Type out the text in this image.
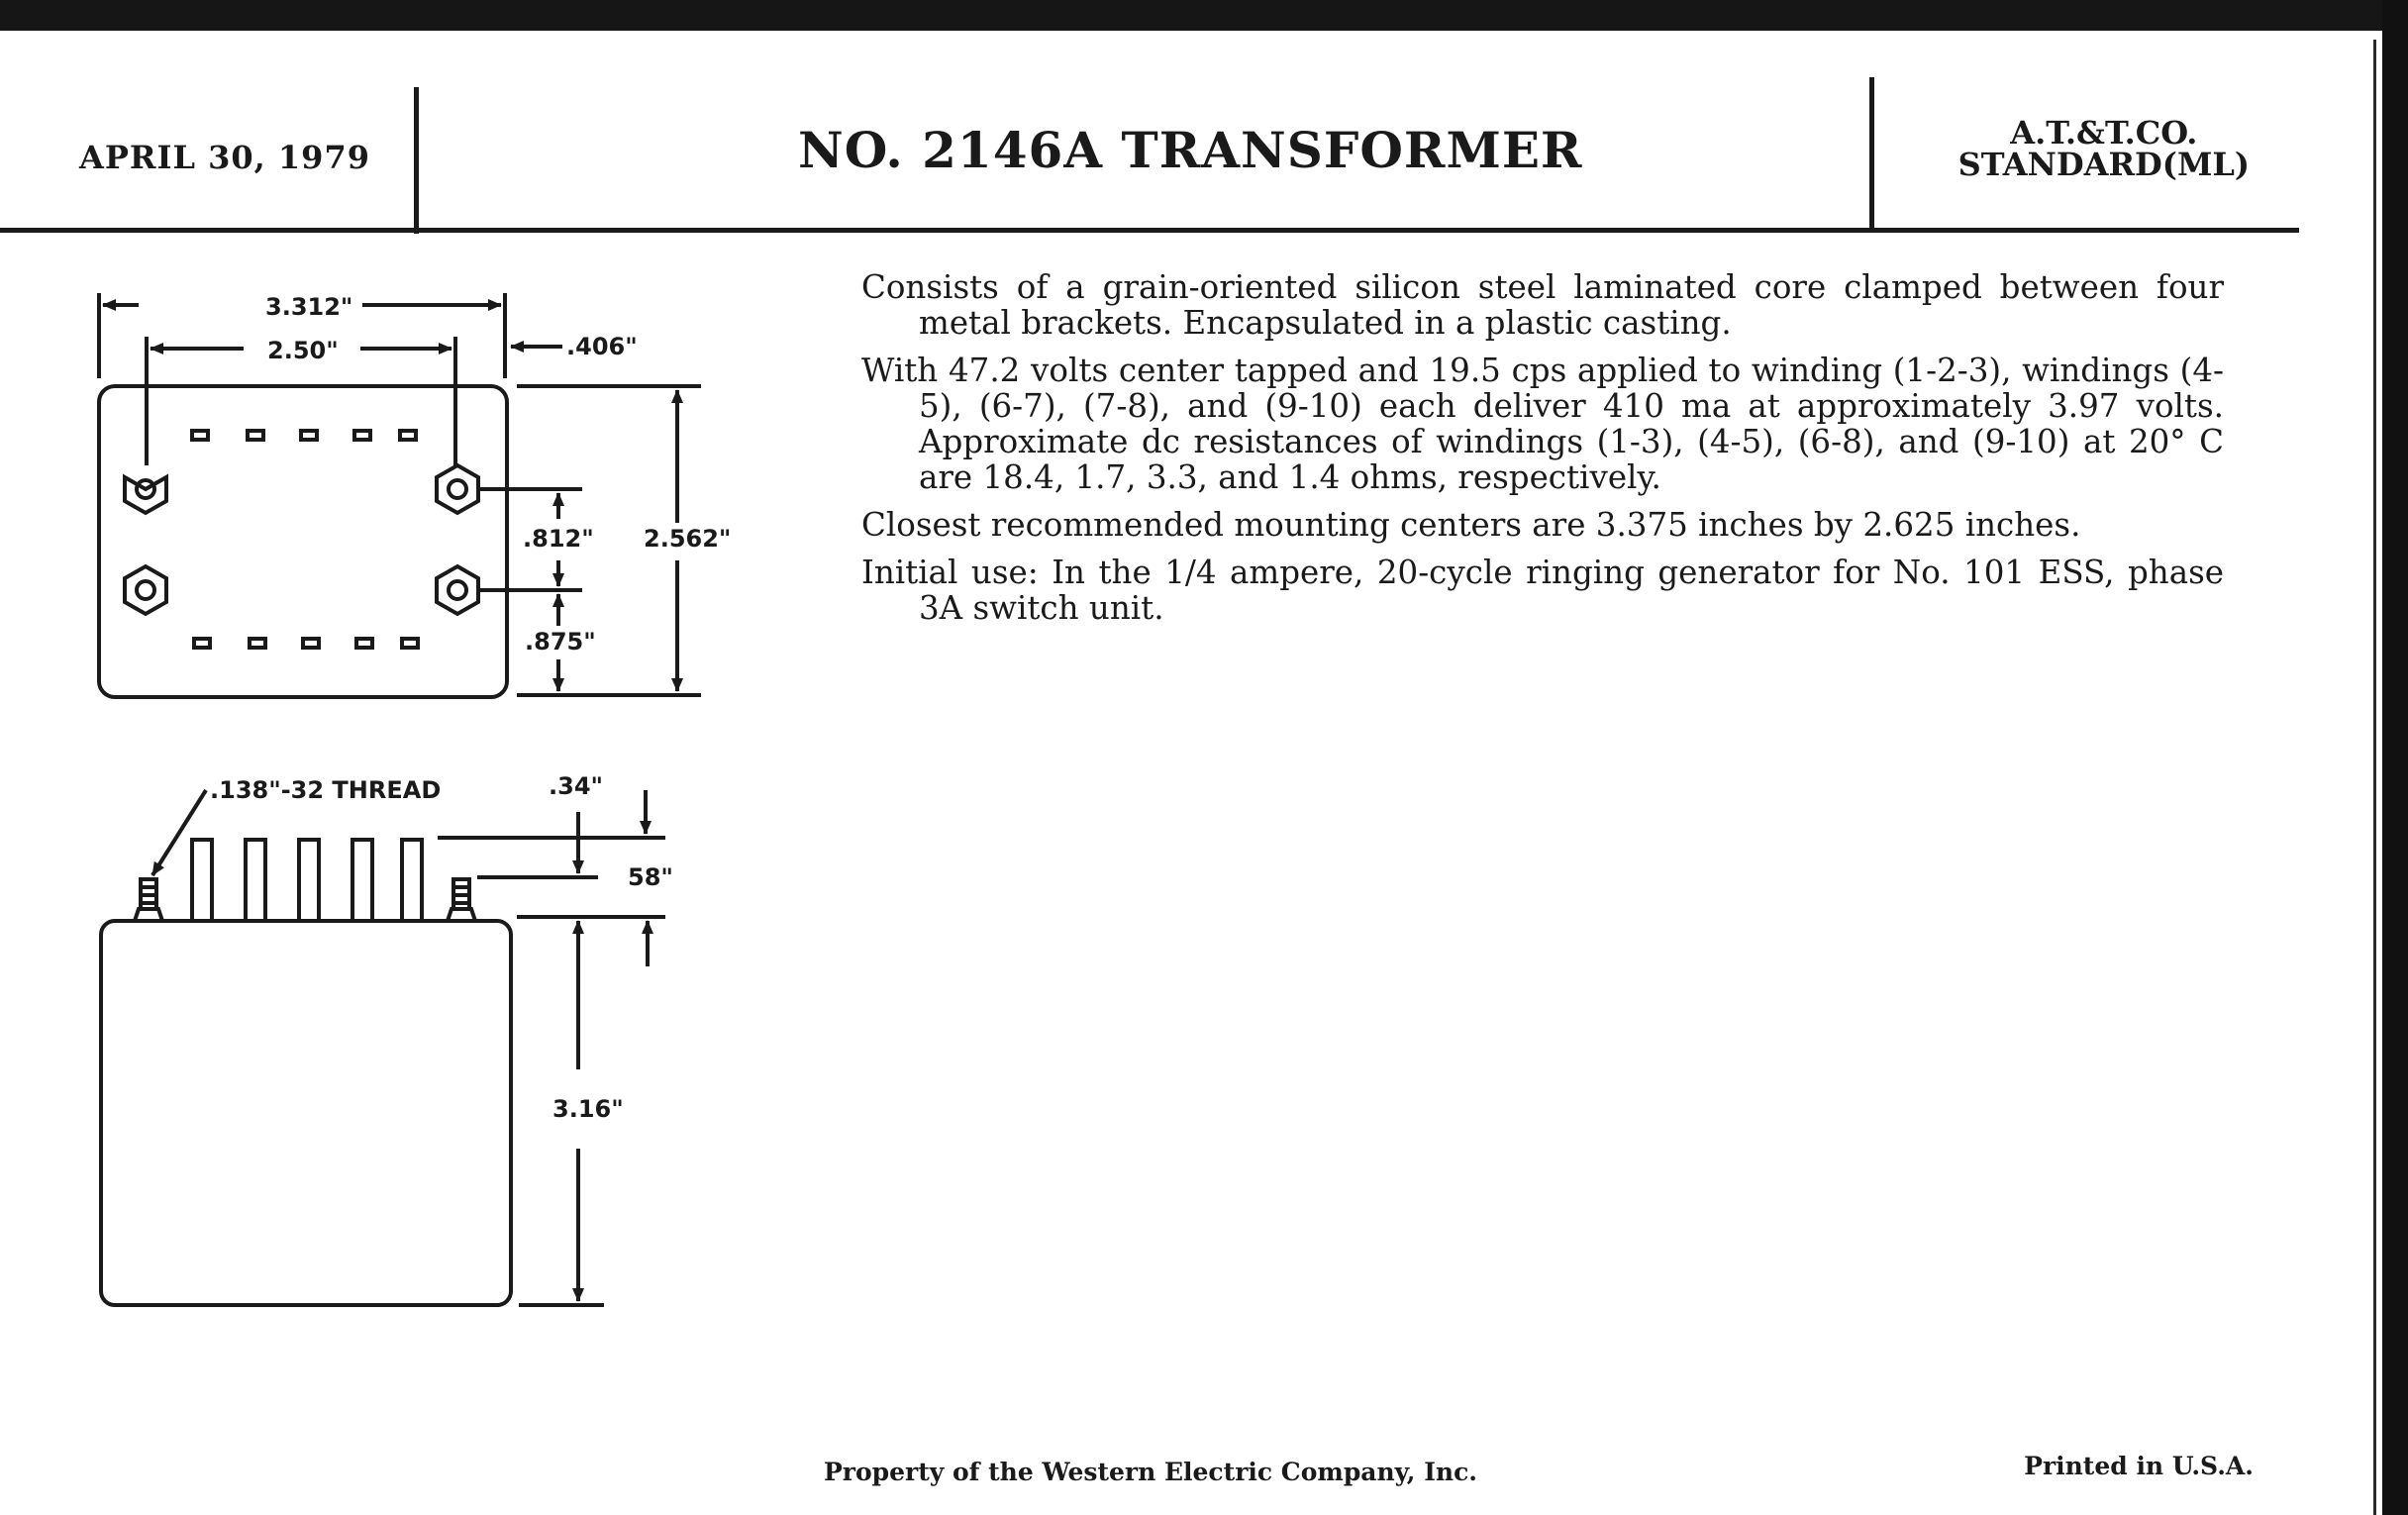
APRIL 30, 1979	NO. 2146A TRANSFORMER	A.T.&T.CO.
STANDARD(ML)

Consists of a grain-oriented silicon steel laminated core clamped between four metal brackets. Encapsulated in a plastic casting.

With 47.2 volts center tapped and 19.5 cps applied to winding (1-2-3), windings (4-5), (6-7), (7-8), and (9-10) each deliver 410 ma at approximately 3.97 volts. Approximate dc resistances of windings (1-3), (4-5), (6-8), and (9-10) at 20° C are 18.4, 1.7, 3.3, and 1.4 ohms, respectively.

Closest recommended mounting centers are 3.375 inches by 2.625 inches.

Initial use: In the 1/4 ampere, 20-cycle ringing generator for No. 101 ESS, phase 3A switch unit.

3.312"
2.50"	.406"
.812" 2.562"
.875"
.138"-32 THREAD	.34"
58"
3.16"
Property of the Western Electric Company, Inc.	Printed in U.S.A.
